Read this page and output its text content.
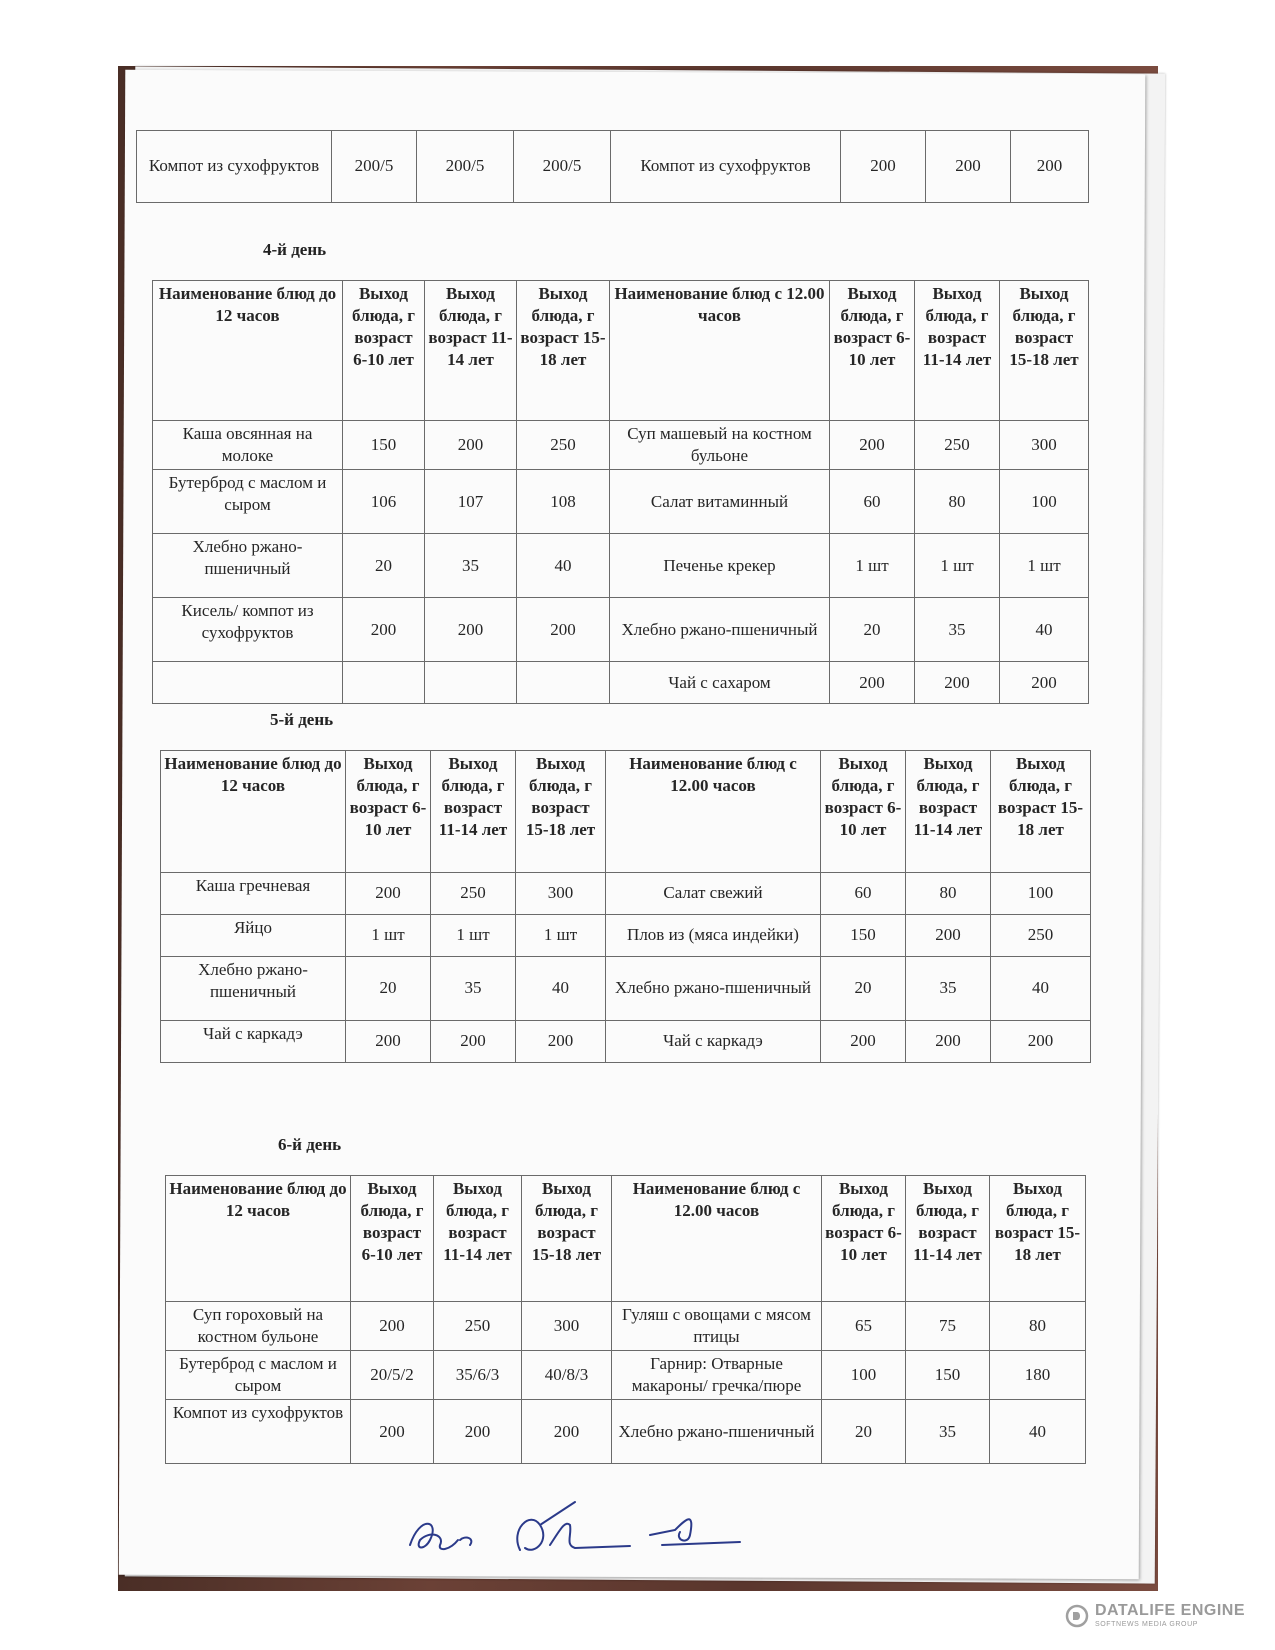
Компот из сухофруктов	200/5	200/5	200/5	Компот из сухофруктов	200	200	200
4-й день
Наименование блюд до 12 часов	Выход блюда, г возраст 6-10 лет	Выход блюда, г возраст 11-14 лет	Выход блюда, г возраст 15-18 лет	Наименование блюд с 12.00 часов	Выход блюда, г возраст 6-10 лет	Выход блюда, г возраст 11-14 лет	Выход блюда, г возраст 15-18 лет
Каша овсянная на молоке	150	200	250	Суп машевый на костном бульоне	200	250	300
Бутерброд с маслом и сыром	106	107	108	Салат витаминный	60	80	100
Хлебно ржано-пшеничный	20	35	40	Печенье крекер	1 шт	1 шт	1 шт
Кисель/ компот из сухофруктов	200	200	200	Хлебно ржано-пшеничный	20	35	40
				Чай с сахаром	200	200	200
5-й день
Наименование блюд до 12 часов	Выход блюда, г возраст 6-10 лет	Выход блюда, г возраст 11-14 лет	Выход блюда, г возраст 15-18 лет	Наименование блюд с 12.00 часов	Выход блюда, г возраст 6-10 лет	Выход блюда, г возраст 11-14 лет	Выход блюда, г возраст 15-18 лет
Каша гречневая	200	250	300	Салат свежий	60	80	100
Яйцо	1 шт	1 шт	1 шт	Плов из (мяса индейки)	150	200	250
Хлебно ржано-пшеничный	20	35	40	Хлебно ржано-пшеничный	20	35	40
Чай с каркадэ	200	200	200	Чай с каркадэ	200	200	200
6-й день
Наименование блюд до 12 часов	Выход блюда, г возраст 6-10 лет	Выход блюда, г возраст 11-14 лет	Выход блюда, г возраст 15-18 лет	Наименование блюд с 12.00 часов	Выход блюда, г возраст 6-10 лет	Выход блюда, г возраст 11-14 лет	Выход блюда, г возраст 15-18 лет
Суп гороховый на костном бульоне	200	250	300	Гуляш с овощами с мясом птицы	65	75	80
Бутерброд с маслом и сыром	20/5/2	35/6/3	40/8/3	Гарнир: Отварные макароны/ гречка/пюре	100	150	180
Компот из сухофруктов	200	200	200	Хлебно ржано-пшеничный	20	35	40
DATALIFE ENGINE
SOFTNEWS MEDIA GROUP
